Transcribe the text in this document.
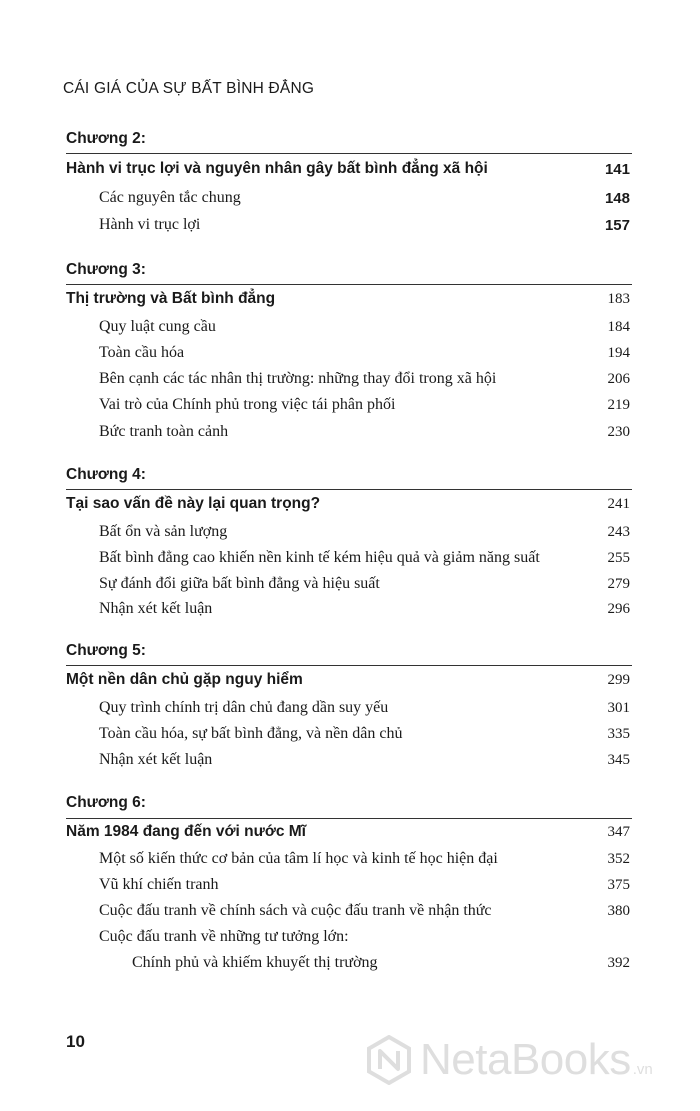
CÁI GIÁ CỦA SỰ BẤT BÌNH ĐẲNG
Chương 2:
Hành vi trục lợi và nguyên nhân gây bất bình đẳng xã hội	141
Các nguyên tắc chung	148
Hành vi trục lợi	157
Chương 3:
Thị trường và Bất bình đẳng	183
Quy luật cung cầu	184
Toàn cầu hóa	194
Bên cạnh các tác nhân thị trường: những thay đổi trong xã hội	206
Vai trò của Chính phủ trong việc tái phân phối	219
Bức tranh toàn cảnh	230
Chương 4:
Tại sao vấn đề này lại quan trọng?	241
Bất ổn và sản lượng	243
Bất bình đẳng cao khiến nền kinh tế kém hiệu quả và giảm năng suất	255
Sự đánh đổi giữa bất bình đẳng và hiệu suất	279
Nhận xét kết luận	296
Chương 5:
Một nền dân chủ gặp nguy hiểm	299
Quy trình chính trị dân chủ đang dần suy yếu	301
Toàn cầu hóa, sự bất bình đẳng, và nền dân chủ	335
Nhận xét kết luận	345
Chương 6:
Năm 1984 đang đến với nước Mĩ	347
Một số kiến thức cơ bản của tâm lí học và kinh tế học hiện đại	352
Vũ khí chiến tranh	375
Cuộc đấu tranh về chính sách và cuộc đấu tranh về nhận thức	380
Cuộc đấu tranh về những tư tưởng lớn:
Chính phủ và khiếm khuyết thị trường	392
10	NetaBooks .vn
